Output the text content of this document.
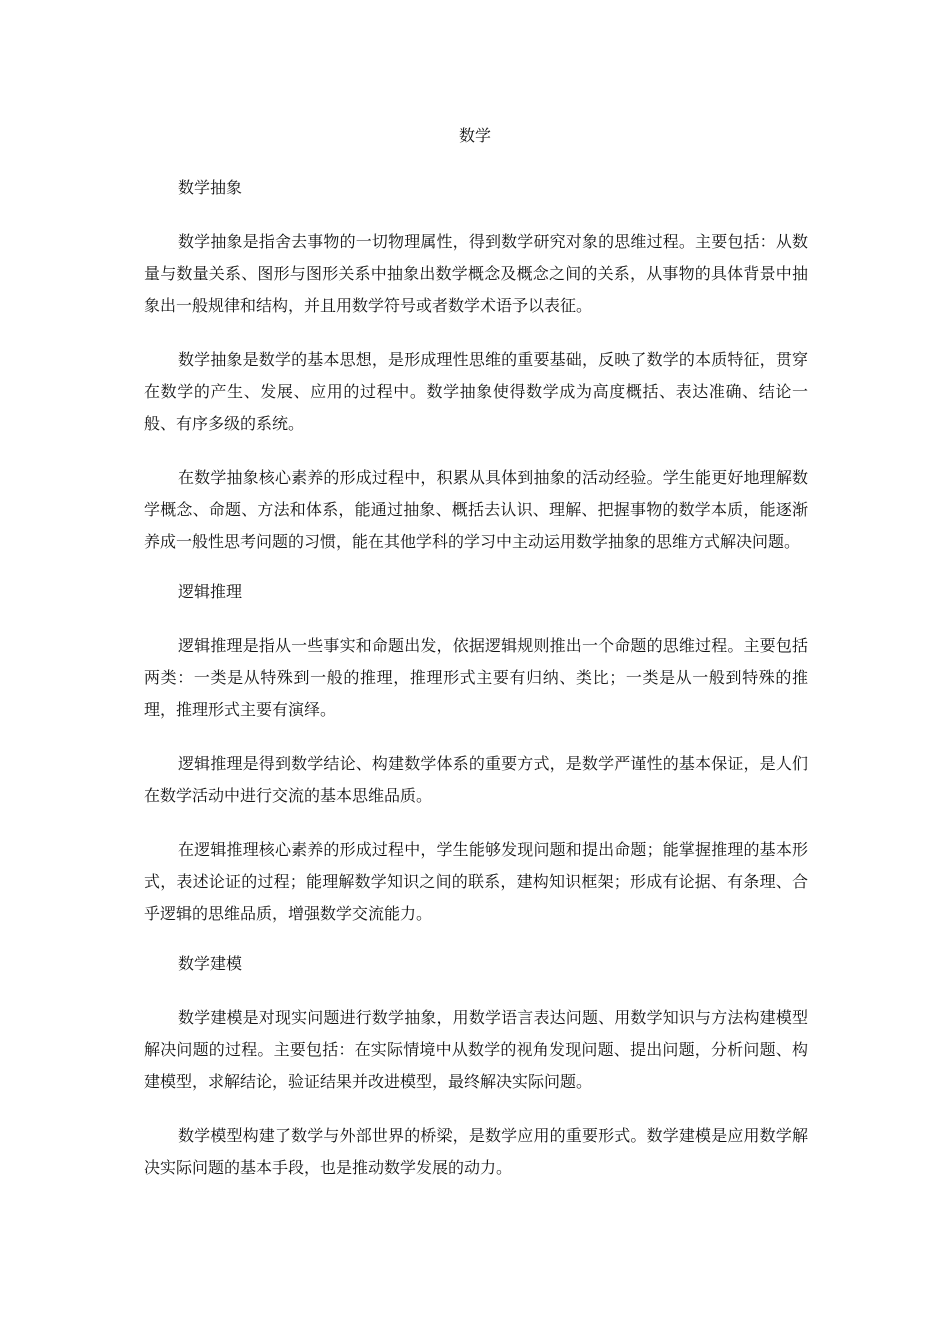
数学
数学抽象

数学抽象是指舍去事物的一切物理属性，得到数学研究对象的思维过程。主要包括：从数量与数量关系、图形与图形关系中抽象出数学概念及概念之间的关系，从事物的具体背景中抽象出一般规律和结构，并且用数学符号或者数学术语予以表征。

数学抽象是数学的基本思想，是形成理性思维的重要基础，反映了数学的本质特征，贯穿在数学的产生、发展、应用的过程中。数学抽象使得数学成为高度概括、表达准确、结论一般、有序多级的系统。

在数学抽象核心素养的形成过程中，积累从具体到抽象的活动经验。学生能更好地理解数学概念、命题、方法和体系，能通过抽象、概括去认识、理解、把握事物的数学本质，能逐渐养成一般性思考问题的习惯，能在其他学科的学习中主动运用数学抽象的思维方式解决问题。

逻辑推理

逻辑推理是指从一些事实和命题出发，依据逻辑规则推出一个命题的思维过程。主要包括两类：一类是从特殊到一般的推理，推理形式主要有归纳、类比；一类是从一般到特殊的推理，推理形式主要有演绎。

逻辑推理是得到数学结论、构建数学体系的重要方式，是数学严谨性的基本保证，是人们在数学活动中进行交流的基本思维品质。

在逻辑推理核心素养的形成过程中，学生能够发现问题和提出命题；能掌握推理的基本形式，表述论证的过程；能理解数学知识之间的联系，建构知识框架；形成有论据、有条理、合乎逻辑的思维品质，增强数学交流能力。

数学建模

数学建模是对现实问题进行数学抽象，用数学语言表达问题、用数学知识与方法构建模型解决问题的过程。主要包括：在实际情境中从数学的视角发现问题、提出问题，分析问题、构建模型，求解结论，验证结果并改进模型，最终解决实际问题。

数学模型构建了数学与外部世界的桥梁，是数学应用的重要形式。数学建模是应用数学解决实际问题的基本手段，也是推动数学发展的动力。
